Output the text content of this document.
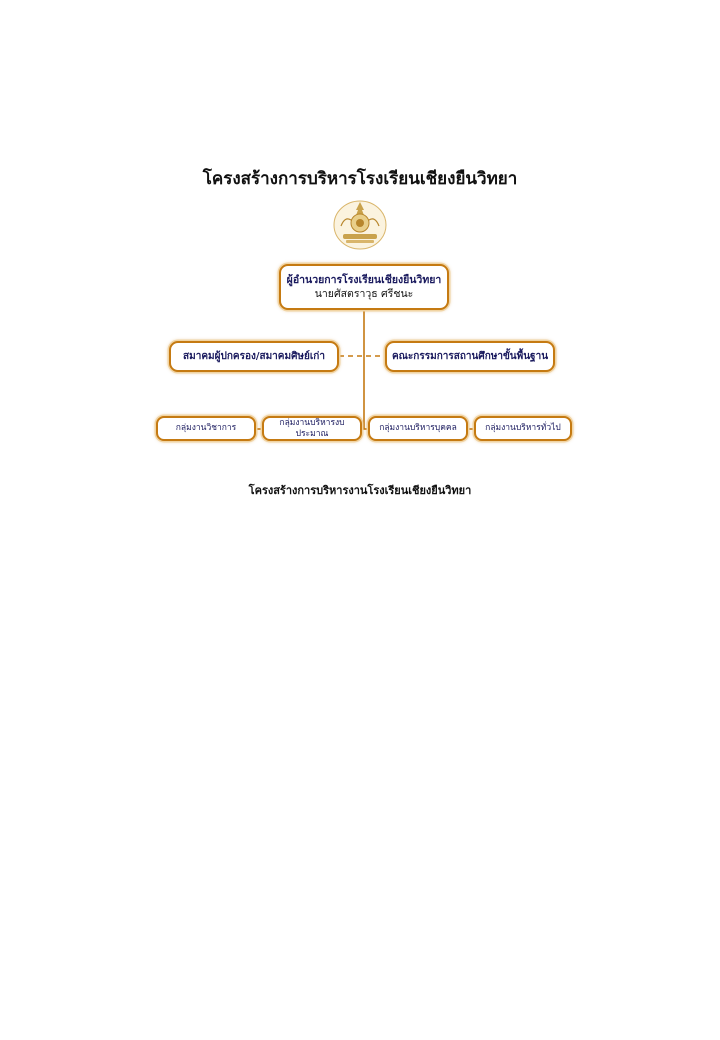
โครงสร้างการบริหารโรงเรียนเชียงยืนวิทยา
ผู้อำนวยการโรงเรียนเชียงยืนวิทยา
นายศัสตราวุธ ศรีชนะ
สมาคมผู้ปกครอง/สมาคมศิษย์เก่า	คณะกรรมการสถานศึกษาขั้นพื้นฐาน
กลุ่มงานวิชาการ
กลุ่มงานบริหารงบประมาณ
กลุ่มงานบริหารบุคคล	กลุ่มงานบริหารทั่วไป
โครงสร้างการบริหารงานโรงเรียนเชียงยืนวิทยา
